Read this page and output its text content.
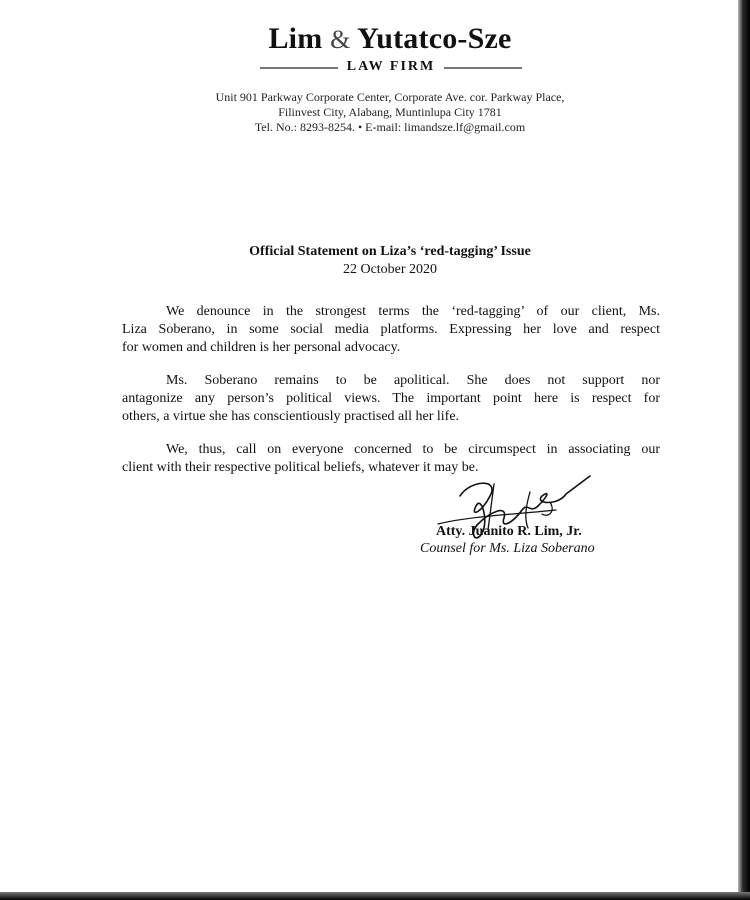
Lim & Yutatco-Sze
LAW FIRM
Unit 901 Parkway Corporate Center, Corporate Ave. cor. Parkway Place,
Filinvest City, Alabang, Muntinlupa City 1781
Tel. No.: 8293-8254. • E-mail: limandsze.lf@gmail.com
Official Statement on Liza’s ‘red-tagging’ Issue
22 October 2020
We denounce in the strongest terms the ‘red-tagging’ of our client, Ms.
Liza Soberano, in some social media platforms. Expressing her love and respect
for women and children is her personal advocacy.
Ms. Soberano remains to be apolitical. She does not support nor
antagonize any person’s political views. The important point here is respect for
others, a virtue she has conscientiously practised all her life.
We, thus, call on everyone concerned to be circumspect in associating our
client with their respective political beliefs, whatever it may be.
Atty. Juanito R. Lim, Jr.
Counsel for Ms. Liza Soberano
